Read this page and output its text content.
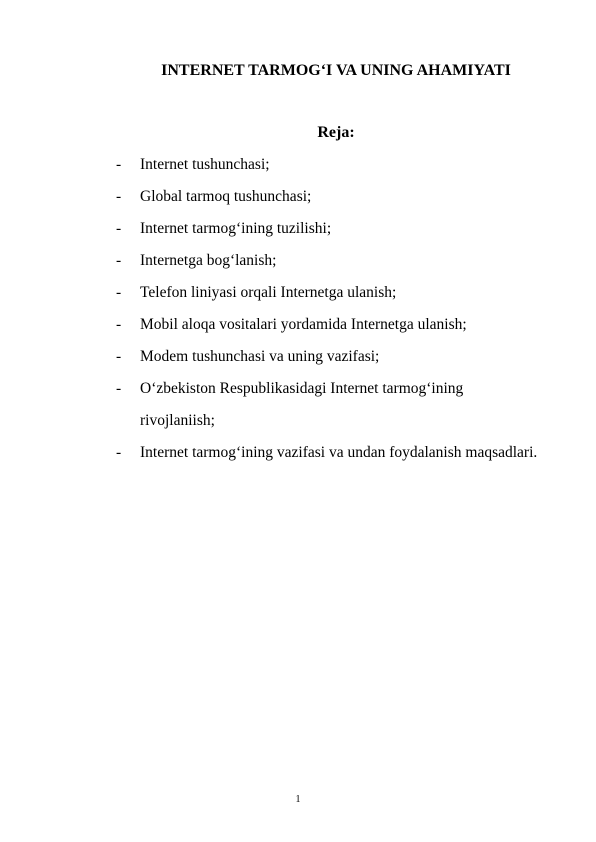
INTERNET TARMOG‘I VA UNING AHAMIYATI
Reja:
- Internet tushunchasi;
- Global tarmoq tushunchasi;
- Internet tarmog‘ining tuzilishi;
- Internetga bog‘lanish;
- Telefon liniyasi orqali Internetga ulanish;
- Mobil aloqa vositalari yordamida Internetga ulanish;
- Modem tushunchasi va uning vazifasi;
- O‘zbekiston Respublikasidagi Internet tarmog‘ining rivojlaniish;
- Internet tarmog‘ining vazifasi va undan foydalanish maqsadlari.
1
